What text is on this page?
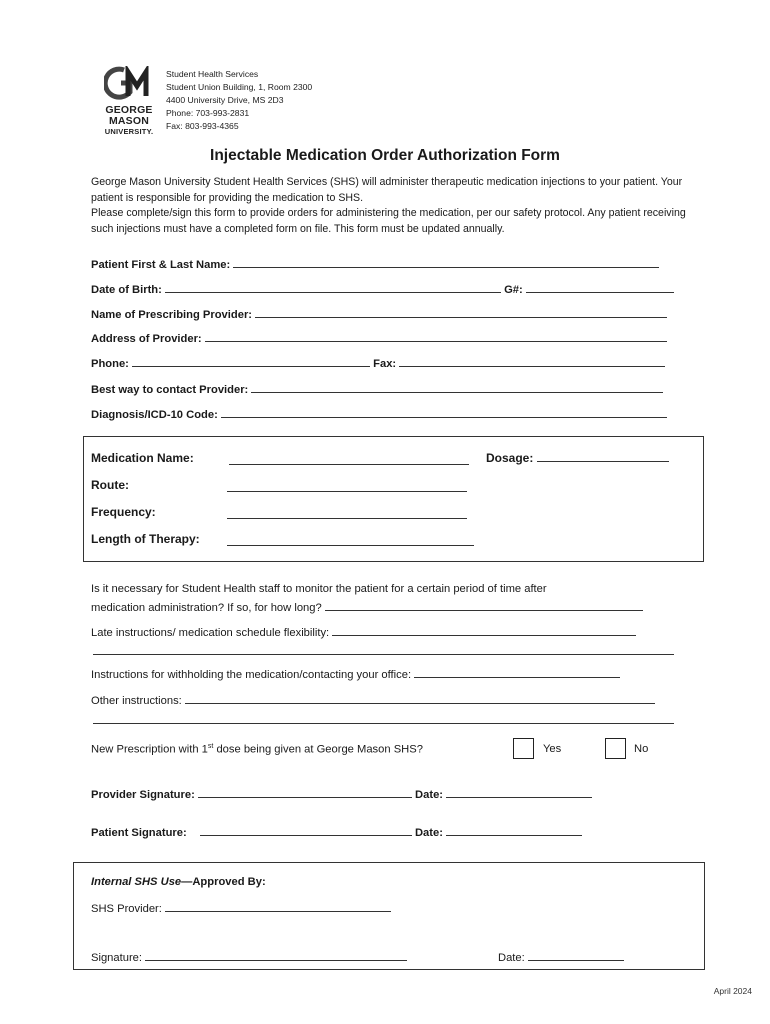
GEORGE
MASON
UNIVERSITY.
Student Health Services
Student Union Building, 1, Room 2300
4400 University Drive, MS 2D3
Phone: 703-993-2831
Fax: 803-993-4365
Injectable Medication Order Authorization Form
George Mason University Student Health Services (SHS) will administer therapeutic medication injections to your patient. Your patient is responsible for providing the medication to SHS.
Please complete/sign this form to provide orders for administering the medication, per our safety protocol. Any patient receiving such injections must have a completed form on file. This form must be updated annually.
Patient First & Last Name:
Date of Birth:	G#:
Name of Prescribing Provider:
Address of Provider:
Phone:	Fax:
Best way to contact Provider:
Diagnosis/ICD-10 Code:
Medication Name:	Dosage:
Route:
Frequency:
Length of Therapy:
Is it necessary for Student Health staff to monitor the patient for a certain period of time after
medication administration? If so, for how long?
Late instructions/ medication schedule flexibility:
Instructions for withholding the medication/contacting your office:
Other instructions:
New Prescription with 1st dose being given at George Mason SHS?	Yes	No
Provider Signature:	Date:
Patient Signature:	Date:
Internal SHS Use—Approved By:
SHS Provider:
Signature:	Date:
April 2024
